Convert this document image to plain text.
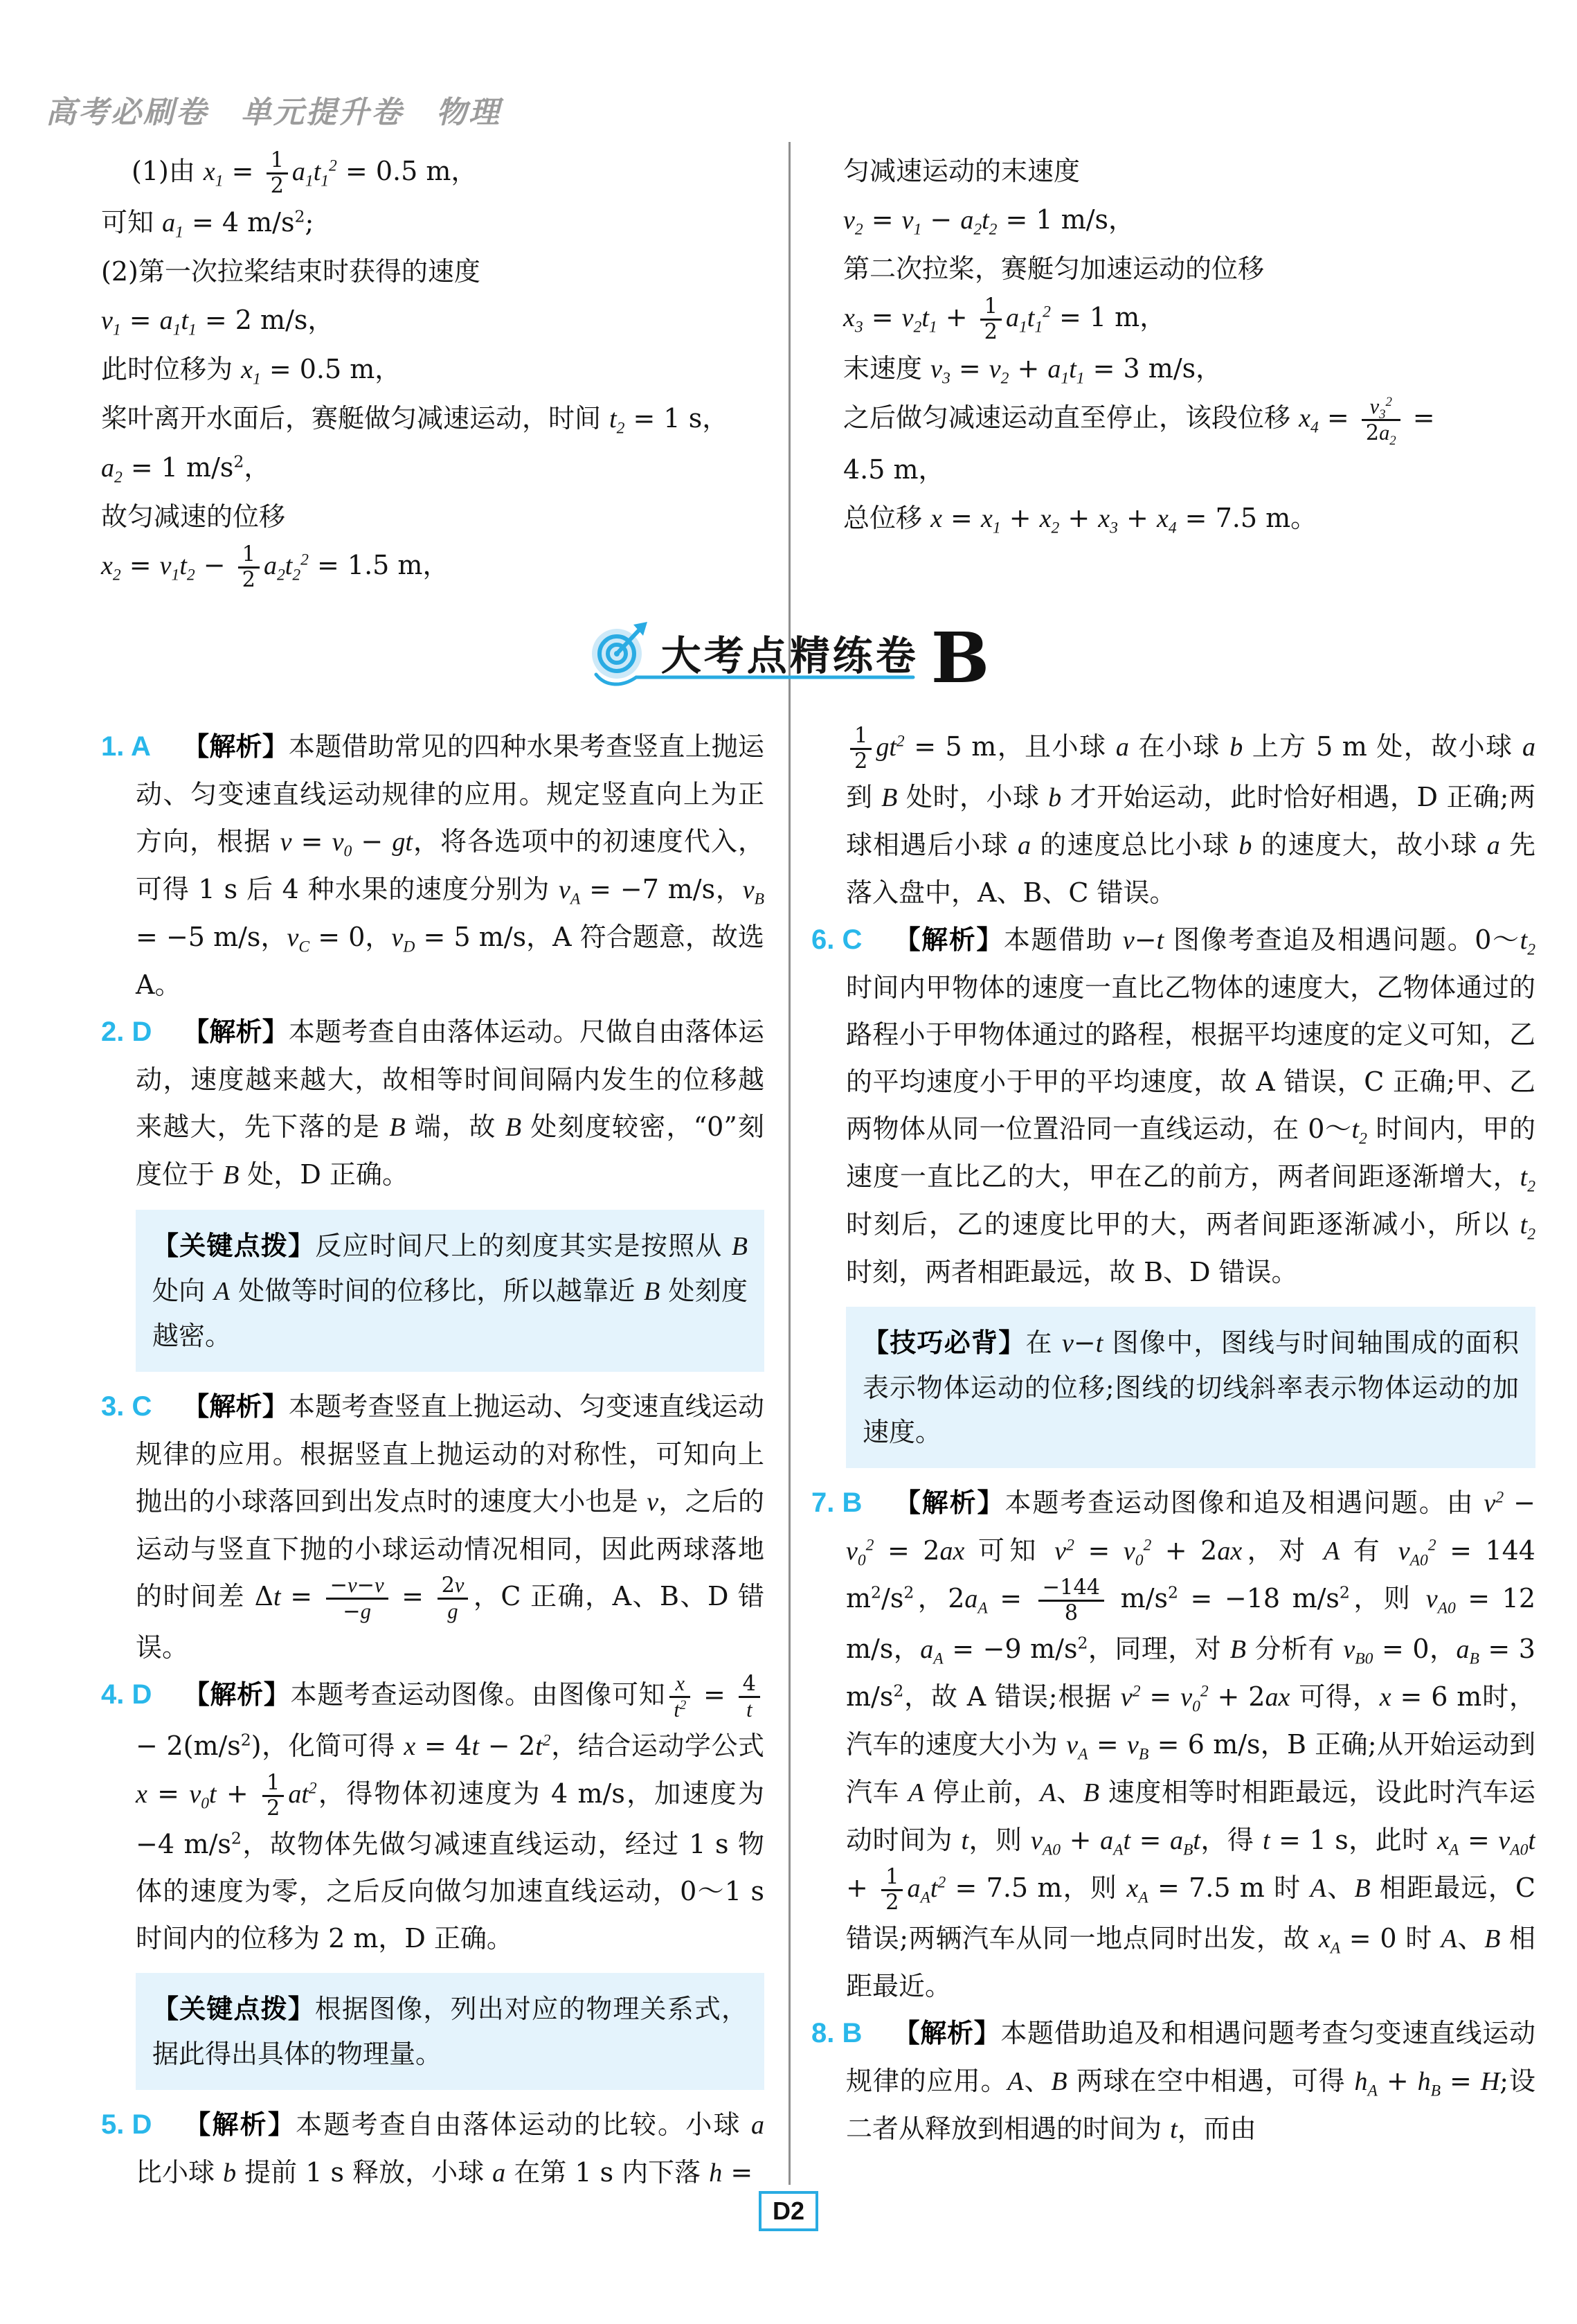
高考必刷卷　单元提升卷　物理
(1)由 $x_1 = \frac{1}{2} a_1t_1^2 = 0.5$ m，
可知 $a_1 = 4$ $m/s^2$;
(2)第一次拉桨结束时获得的速度
$v_1 = a_1t_1 = 2$ m/s，
此时位移为 $x_1 = 0.5$ m，
桨叶离开水面后，赛艇做匀减速运动，时间 $t_2 = 1$ s，
$a_2 = 1$ $m/s^2$，
故匀减速的位移
$x_2 = v_1t_2 - \frac{1}{2} a_2t_2^2 = 1.5$ m，
匀减速运动的末速度
$v_2 = v_1 - a_2t_2 = 1$ m/s，
第二次拉桨，赛艇匀加速运动的位移
$x_3 = v_2t_1 + \frac{1}{2} a_1t_1^2 = 1$ m，
末速度 $v_3 = v_2 + a_1t_1 = 3$ m/s，
之后做匀减速运动直至停止，该段位移 $x_4 = \frac{v_3^2}{2a_2}$ =
4.5 m，
总位移 $x = x_1 + x_2 + x_3 + x_4 = 7.5$ m。
大考点精练卷 B
1. A 【解析】本题借助常见的四种水果考查竖直上抛运动、匀变速直线运动规律的应用。规定竖直向上为正方向，根据 $v = v_0$ − gt，将各选项中的初速度代入，可得 1 s 后 4 种水果的速度分别为 $v_A = -7$ m/s，$v_B = -5$ m/s，$v_C = 0$，$v_D = 5$ m/s，A 符合题意，故选 A。
2. D 【解析】本题考查自由落体运动。尺做自由落体运动，速度越来越大，故相等时间间隔内发生的位移越来越大，先下落的是 B 端，故 B 处刻度较密，“0”刻度位于 B 处，D 正确。
【关键点拨】反应时间尺上的刻度其实是按照从 B 处向 A 处做等时间的位移比，所以越靠近 B 处刻度越密。
3. C 【解析】本题考查竖直上抛运动、匀变速直线运动规律的应用。根据竖直上抛运动的对称性，可知向上抛出的小球落回到出发点时的速度大小也是 v，之后的运动与竖直下抛的小球运动情况相同，因此两球落地的时间差 $\Delta t = \frac{-v-v}{-g} = \frac{2v}{g}$ ，C 正确，A、B、D 错误。
4. D 【解析】本题考查运动图像。由图像可知 $\frac{x}{t^2} = \frac{4}{t}$
− $2(m/s^2)$，化简可得 $x = 4t - 2t^2$，结合运动学公式 $x = v_0t + \frac{1}{2} at^2$，得物体初速度为 4 m/s，加速度为 −4 $m/s^2$，故物体先做匀减速直线运动，经过 1 s 物体的速度为零，之后反向做匀加速直线运动，0～1 s 时间内的位移为 2 m，D 正确。
【关键点拨】根据图像，列出对应的物理关系式，据此得出具体的物理量。
5. D 【解析】本题考查自由落体运动的比较。小球 a 比小球 b 提前 1 s 释放，小球 a 在第 1 s 内下落 h =
$\frac{1}{2} gt^2 = 5$ m，且小球 a 在小球 b 上方 5 m 处，故小球 a 到 B 处时，小球 b 才开始运动，此时恰好相遇，D 正确;两球相遇后小球 a 的速度总比小球 b 的速度大，故小球 a 先落入盘中，A、B、C 错误。
6. C 【解析】本题借助 v−t 图像考查追及相遇问题。$0\sim t_2$ 时间内甲物体的速度一直比乙物体的速度大，乙物体通过的路程小于甲物体通过的路程，根据平均速度的定义可知，乙的平均速度小于甲的平均速度，故 A 错误，C 正确;甲、乙两物体从同一位置沿同一直线运动，在 $0\sim t_2$ 时间内，甲的速度一直比乙的大，甲在乙的前方，两者间距逐渐增大，$t_2$ 时刻后，乙的速度比甲的大，两者间距逐渐减小，所以 $t_2$ 时刻，两者相距最远，故 B、D 错误。
【技巧必背】在 v−t 图像中，图线与时间轴围成的面积表示物体运动的位移;图线的切线斜率表示物体运动的加速度。
7. B 【解析】本题考查运动图像和追及相遇问题。由 $v^2 - v_0^2 = 2ax$ 可知 $v^2 = v_0^2 + 2ax$，对 A 有 $v_{A0}^2 = 144$ $m^2/s^2$，$2a_A = \frac{-144}{8} m/s^2 = -18$ $m/s^2$，则 $v_{A0} = 12$ m/s，$a_A = -9$ $m/s^2$，同理，对 B 分析有 $v_{B0} = 0$，$a_B = 3$ $m/s^2$，故 A 错误;根据 $v^2 = v_0^2 + 2ax$ 可得，x = 6 m时，汽车的速度大小为 $v_A = v_B = 6$ m/s，B 正确;从开始运动到汽车 A 停止前，A、B 速度相等时相距最远，设此时汽车运动时间为 t，则 $v_{A0} + a_At = a_Bt$，得 t = 1 s，此时 $x_A = v_{A0}t + \frac{1}{2} a_At^2 = 7.5$ m，则 $x_A = 7.5$ m 时 A、B 相距最远，C 错误;两辆汽车从同一地点同时出发，故 $x_A = 0$ 时 A、B 相距最近。
8. B 【解析】本题借助追及和相遇问题考查匀变速直线运动规律的应用。A、B 两球在空中相遇，可得 $h_A + h_B = H$;设二者从释放到相遇的时间为 t，而由
D2
